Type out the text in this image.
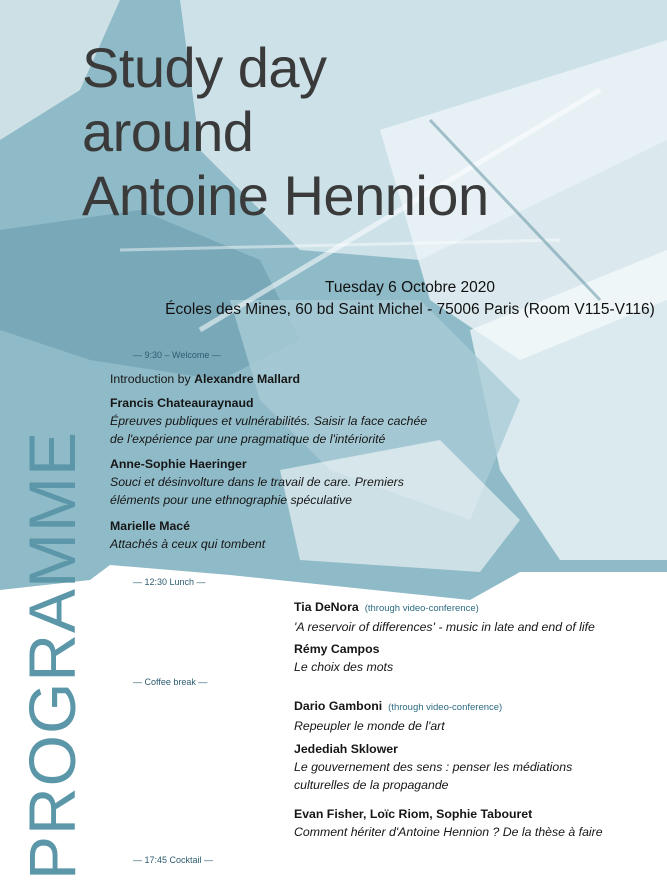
Study day
around
Antoine Hennion
Tuesday 6 Octobre 2020
Écoles des Mines, 60 bd Saint Michel - 75006 Paris (Room V115-V116)
PROGRAMME
— 9:30 – Welcome —
Introduction by Alexandre Mallard
Francis Chateauraynaud
Épreuves publiques et vulnérabilités. Saisir la face cachée
de l'expérience par une pragmatique de l'intériorité
Anne-Sophie Haeringer
Souci et désinvolture dans le travail de care. Premiers
éléments pour une ethnographie spéculative
Marielle Macé
Attachés à ceux qui tombent
— 12:30 Lunch —
Tia DeNora (through video-conference)
'A reservoir of differences' - music in late and end of life
Rémy Campos
Le choix des mots
— Coffee break —
Dario Gamboni (through video-conference)
Repeupler le monde de l'art
Jedediah Sklower
Le gouvernement des sens : penser les médiations
culturelles de la propagande
Evan Fisher, Loïc Riom, Sophie Tabouret
Comment hériter d'Antoine Hennion ? De la thèse à faire
— 17:45 Cocktail —
